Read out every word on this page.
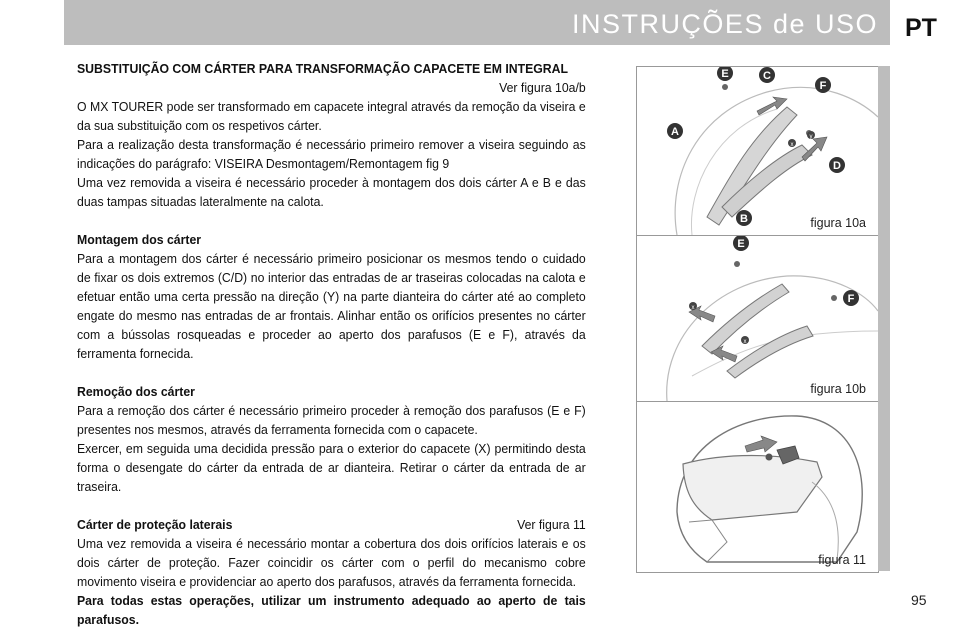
INSTRUÇÕES de USO PT

SUBSTITUIÇÃO COM CÁRTER PARA TRANSFORMAÇÃO CAPACETE EM INTEGRAL

Ver figura 10a/b

O MX TOURER pode ser transformado em capacete integral através da remoção da viseira e da sua substituição com os respetivos cárter.

Para a realização desta transformação é necessário primeiro remover a viseira seguindo as indicações do parágrafo: VISEIRA Desmontagem/Remontagem fig 9

Uma vez removida a viseira é necessário proceder à montagem dos dois cárter A e B e das duas tampas situadas lateralmente na calota.

Montagem dos cárter

Para a montagem dos cárter é necessário primeiro posicionar os mesmos tendo o cuidado de fixar os dois extremos (C/D) no interior das entradas de ar traseiras colocadas na calota e efetuar então uma certa pressão na direção (Y) na parte dianteira do cárter até ao completo engate do mesmo nas entradas de ar frontais. Alinhar então os orifícios presentes no cárter com a bússolas rosqueadas e proceder ao aperto dos parafusos (E e F), através da ferramenta fornecida.

Remoção dos cárter

Para a remoção dos cárter é necessário primeiro proceder à remoção dos parafusos (E e F) presentes nos mesmos, através da ferramenta fornecida com o capacete.

Exercer, em seguida uma decidida pressão para o exterior do capacete (X) permitindo desta forma o desengate do cárter da entrada de ar dianteira. Retirar o cárter da entrada de ar traseira.

Cárter de proteção laterais	Ver figura 11

Uma vez removida a viseira é necessário montar a cobertura dos dois orifícios laterais e os dois cárter de proteção. Fazer coincidir os cárter com o perfil do mecanismo cobre movimento viseira e providenciar ao aperto dos parafusos, através da ferramenta fornecida.

Para todas estas operações, utilizar um instrumento adequado ao aperto de tais parafusos.

E	C
F
A
D
B
x
y
figura 10a
E
F
x
x
figura 10b
figura 11
95
